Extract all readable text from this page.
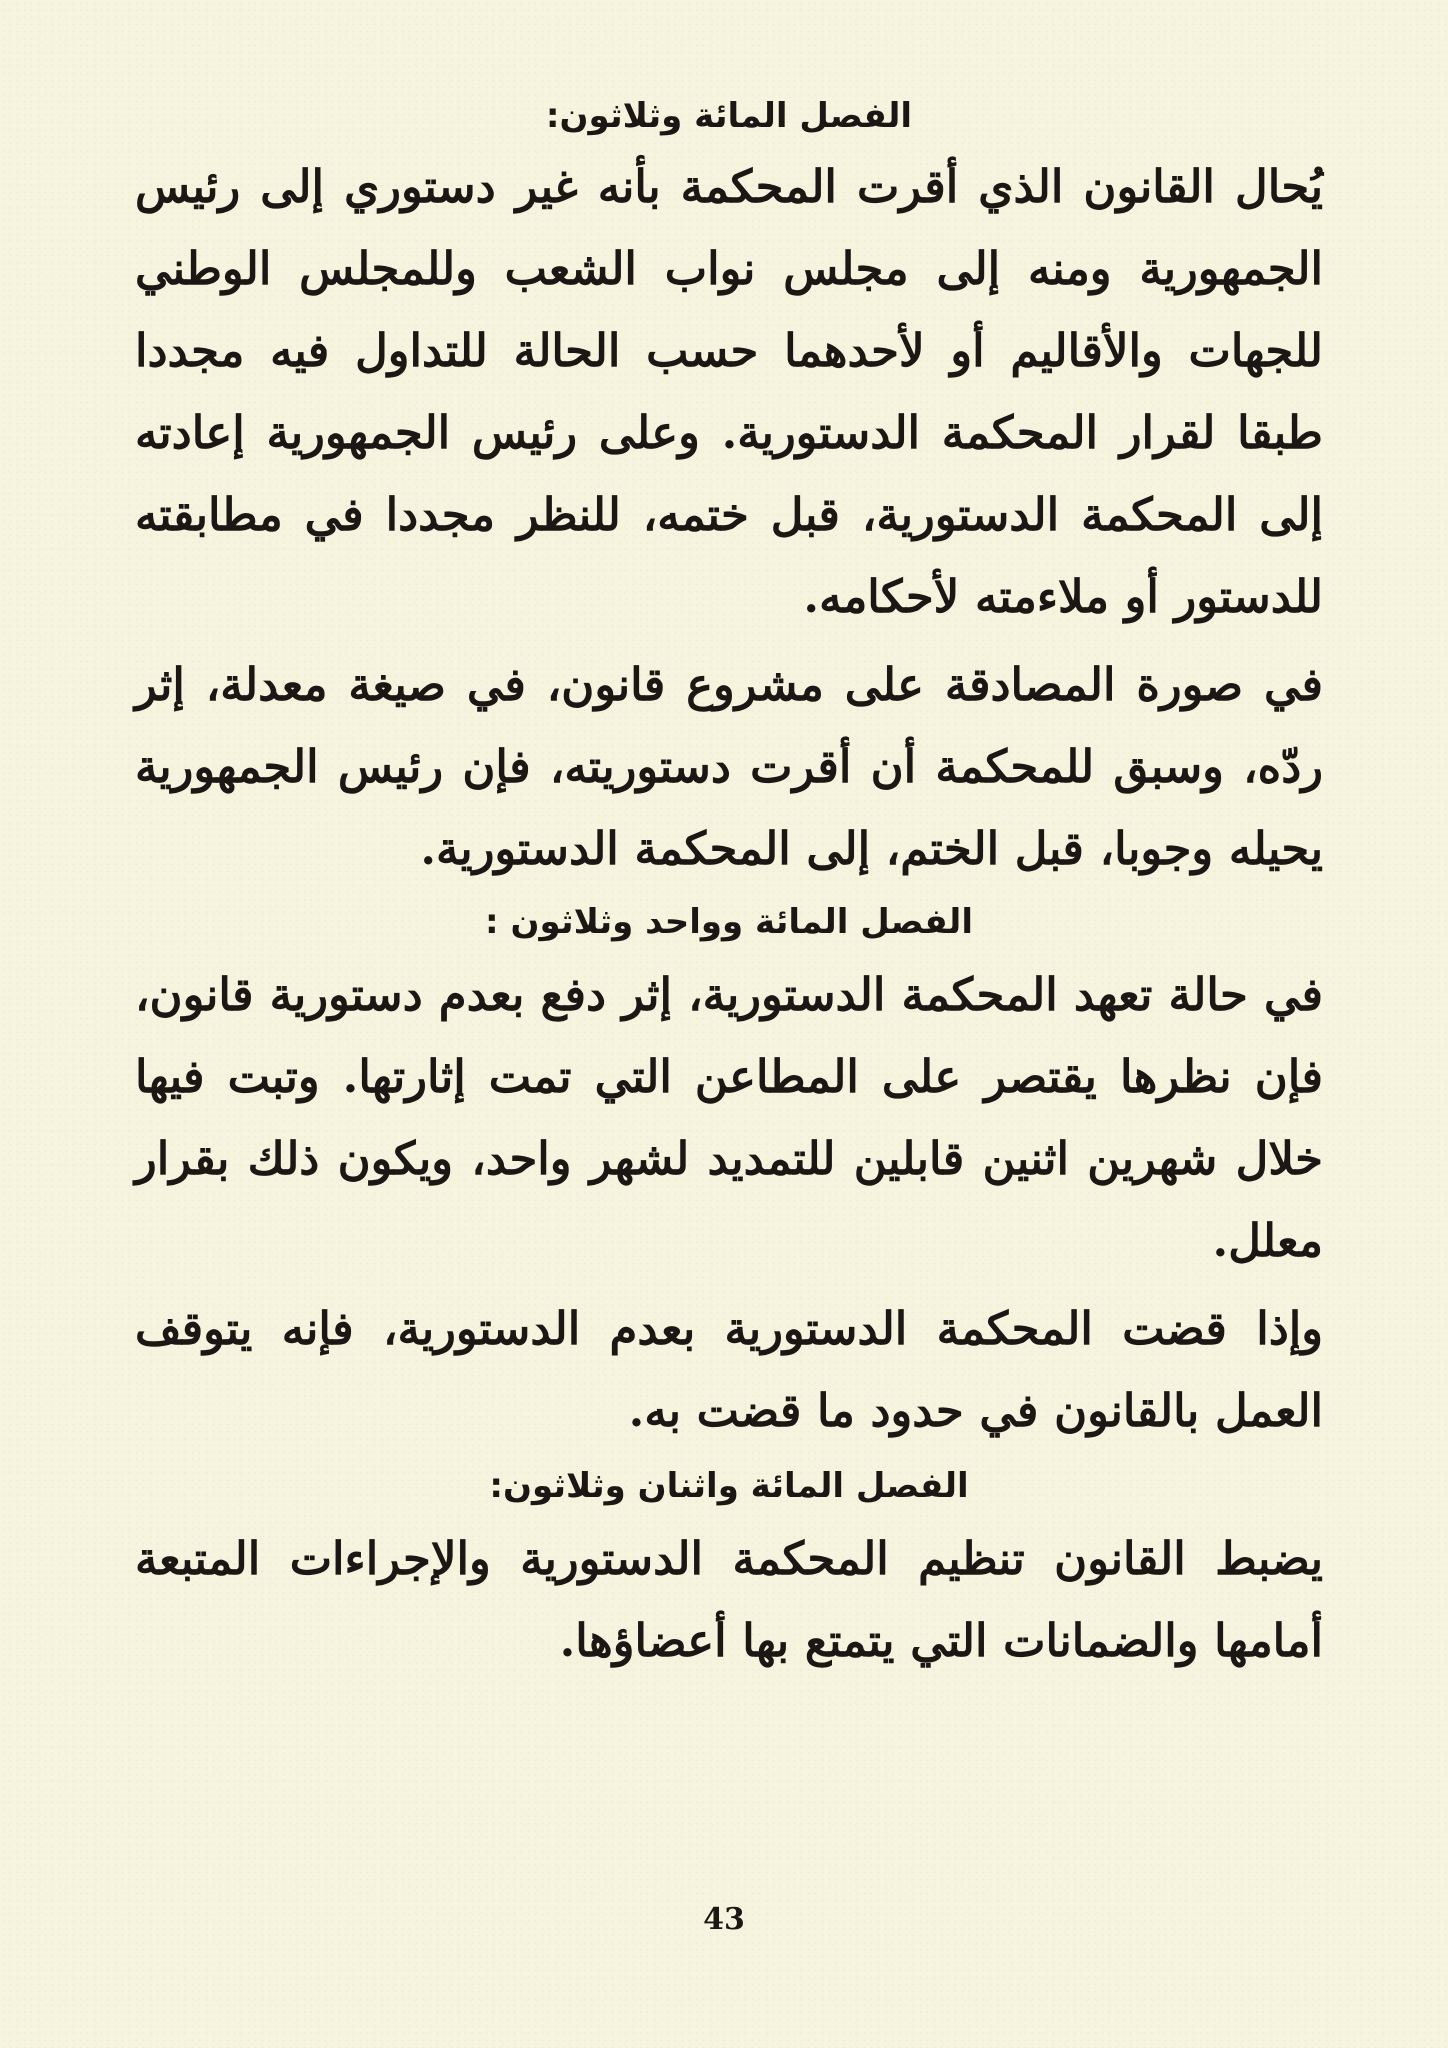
الفصل المائة وثلاثون:

يُحال القانون الذي أقرت المحكمة بأنه غير دستوري إلى رئيس الجمهورية ومنه إلى مجلس نواب الشعب وللمجلس الوطني للجهات والأقاليم أو لأحدهما حسب الحالة للتداول فيه مجددا طبقا لقرار المحكمة الدستورية. وعلى رئيس الجمهورية إعادته إلى المحكمة الدستورية، قبل ختمه، للنظر مجددا في مطابقته للدستور أو ملاءمته لأحكامه.

في صورة المصادقة على مشروع قانون، في صيغة معدلة، إثر ردّه، وسبق للمحكمة أن أقرت دستوريته، فإن رئيس الجمهورية يحيله وجوبا، قبل الختم، إلى المحكمة الدستورية.

الفصل المائة وواحد وثلاثون :

في حالة تعهد المحكمة الدستورية، إثر دفع بعدم دستورية قانون، فإن نظرها يقتصر على المطاعن التي تمت إثارتها. وتبت فيها خلال شهرين اثنين قابلين للتمديد لشهر واحد، ويكون ذلك بقرار معلل.

وإذا قضت المحكمة الدستورية بعدم الدستورية، فإنه يتوقف العمل بالقانون في حدود ما قضت به.

الفصل المائة واثنان وثلاثون:

يضبط القانون تنظيم المحكمة الدستورية والإجراءات المتبعة أمامها والضمانات التي يتمتع بها أعضاؤها.

43
